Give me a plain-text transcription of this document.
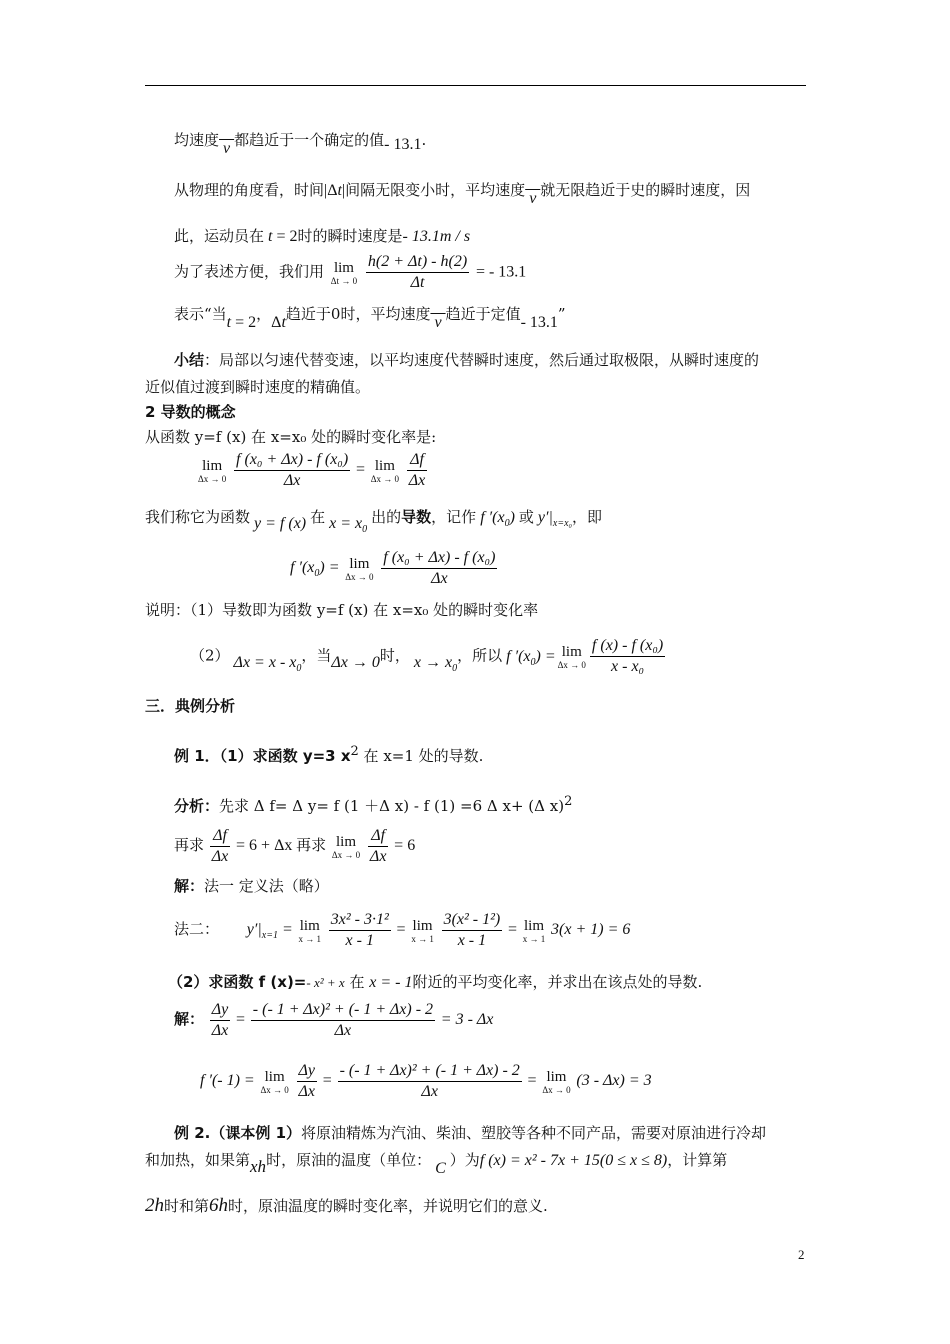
均速度 v 都趋近于一个确定的值- 13.1.
从物理的角度看，时间|Δt|间隔无限变小时，平均速度 v 就无限趋近于史的瞬时速度，因
此，运动员在 t = 2时的瞬时速度是- 13.1m / s
为了表述方便，我们用 lim
Δt → 0
$\frac{h(2 + \Delta t) - h(2)}{\Delta t}$ = - 13.1
表示“当t = 2，Δt趋近于0时，平均速度 v 趋近于定值- 13.1”
小结：局部以匀速代替变速，以平均速度代替瞬时速度，然后通过取极限，从瞬时速度的
近似值过渡到瞬时速度的精确值。
2 导数的概念
从函数 y=f (x) 在 x=x₀ 处的瞬时变化率是:
lim
Δx → 0
$\frac{\text{f (x₀ + Δx) - f (x₀)}}{\Delta x} = \lim$
Δx → 0
$\frac{\Delta f}{\Delta x}$
我们称它为函数 y = f (x) 在 $x = x_0$ 出的导数，记作 f $'(x_0)$ 或 $y'|_{x=x_0}$，即
f $'(x_0) = \lim$
Δx → 0
$\frac{\text{f (x₀ + Δx) - f (x₀)}}{\Delta x}$
说明：（1）导数即为函数 y=f (x) 在 x=x₀ 处的瞬时变化率
（2） $\Delta x = x - x_0$，当Δx → 0时， $x \to x_0$，所以 f $'(x_0) = \lim$
$\Delta x \to 0 \frac{\text{f (x) - f (x₀)}}{\text{x - x₀}}$
三．典例分析
例 1．（1）求函数 y=3 x2 在 x=1 处的导数.
分析：先求 Δ f= Δ y= f (1 ＋Δ x) - f (1) =6 Δ x+ (Δ x)2
再求 $\frac{\Delta f}{\Delta x} = 6 + \Delta x$ 再求 lim
Δx → 0
$\frac{\Delta f}{\Delta x} = 6$
解：法一 定义法（略）
法二： $y'|_{x=1} = \lim$
x → 1
$\frac{\text{3x² - 3·1²}}{x - 1} = \lim$
x → 1
$\frac{\text{3(x² - 1²)}}{x - 1} = \lim$
x → 1
3(x + 1) = 6
（2）求函数 f (x)=- x² + x 在 x = - 1附近的平均变化率，并求出在该点处的导数.
解： $\frac{\Delta y}{\Delta x} = \frac{\text{- (- 1 + Δx)² + (- 1 + Δx) - 2}}{\Delta x} = 3 - \Delta x$
f ′(- 1) = lim
Δx → 0
$\frac{\Delta y}{\Delta x} = \frac{\text{- (- 1 + Δx)² + (- 1 + Δx) - 2}}{\Delta x} = \lim$
Δx → 0
(3 - Δx) = 3
例 2.（课本例 1）将原油精炼为汽油、柴油、塑胶等各种不同产品，需要对原油进行冷却
和加热，如果第xh时，原油的温度（单位： C ）为f (x) = x² - 7x + 15(0 ≤ x ≤ 8)，计算第
2h时和第6h时，原油温度的瞬时变化率，并说明它们的意义.
2
